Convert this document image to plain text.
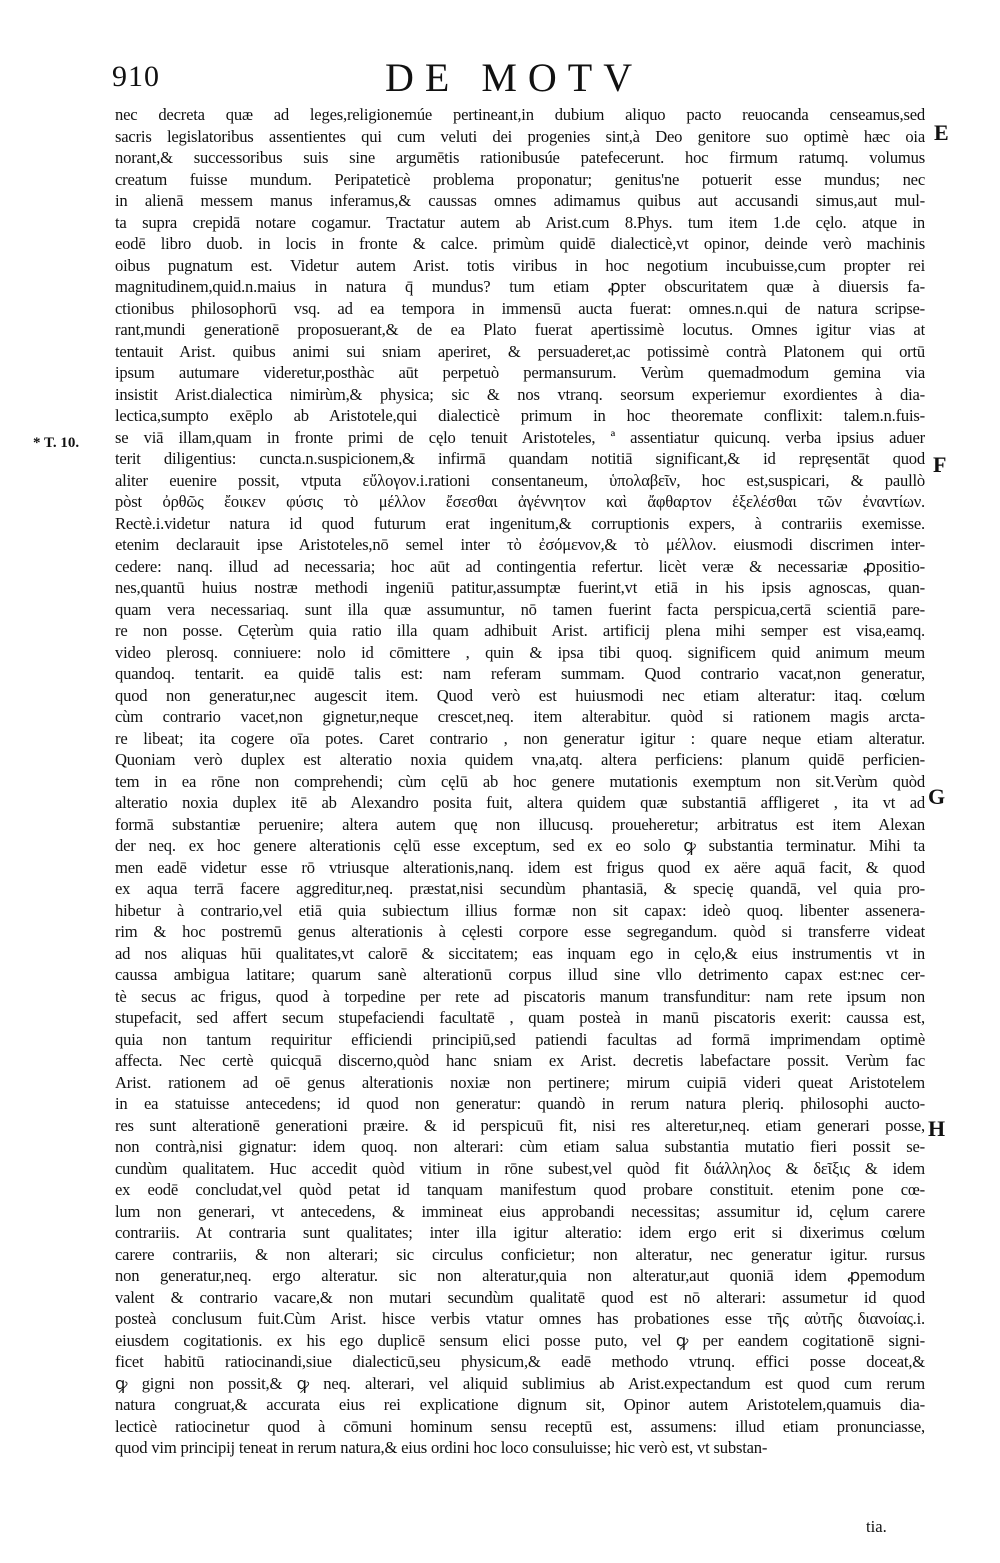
910	DE MOTV
* T. 10.
E
F
G
H
nec decreta quæ ad leges,religionemúe pertineant,in dubium aliquo pacto reuocanda censeamus,sed
sacris legislatoribus assentientes qui cum veluti dei progenies sint,à Deo genitore suo optimè hæc oia
norant,& successoribus suis sine argumētis rationibusúe patefecerunt. hoc firmum ratumq. volumus
creatum fuisse mundum. Peripateticè problema proponatur; genitus'ne potuerit esse mundus; nec
in alienā messem manus inferamus,& caussas omnes adimamus quibus aut accusandi simus,aut mul-
ta supra crepidā notare cogamur. Tractatur autem ab Arist.cum 8.Phys. tum item 1.de cęlo. atque in
eodē libro duob. in locis in fronte & calce. primùm quidē dialecticè,vt opinor, deinde verò machinis
oibus pugnatum est. Videtur autem Arist. totis viribus in hoc negotium incubuisse,cum propter rei
magnitudinem,quid.n.maius in natura q̄ mundus? tum etiam ꝓpter obscuritatem quæ à diuersis fa-
ctionibus philosophorū vsq. ad ea tempora in immensū aucta fuerat: omnes.n.qui de natura scripse-
rant,mundi generationē proposuerant,& de ea Plato fuerat apertissimè locutus. Omnes igitur vias at
tentauit Arist. quibus animi sui sniam aperiret, & persuaderet,ac potissimè contrà Platonem qui ortū
ipsum autumare videretur,posthàc aūt perpetuò permansurum. Verùm quemadmodum gemina via
insistit Arist.dialectica nimirùm,& physica; sic & nos vtranq. seorsum experiemur exordientes à dia-
lectica,sumpto exēplo ab Aristotele,qui dialecticè primum in hoc theoremate conflixit: talem.n.fuis-
se viā illam,quam in fronte primi de cęlo tenuit Aristoteles, ª assentiatur quicunq. verba ipsius aduer
terit diligentius: cuncta.n.suspicionem,& infirmā quandam notitiā significant,& id repręsentāt quod
aliter euenire possit, vtputa εὔλογον.i.rationi consentaneum, ὑπολαβεῖν, hoc est,suspicari, & paullò
pòst ὀρθῶς ἔοικεν φύσις τὸ μέλλον ἔσεσθαι ἀγέννητον καὶ ἄφθαρτον ἐξελέσθαι τῶν ἐναντίων.
Rectè.i.videtur natura id quod futurum erat ingenitum,& corruptionis expers, à contrariis exemisse.
etenim declarauit ipse Aristoteles,nō semel inter τὸ ἐσόμενον,& τὸ μέλλον. eiusmodi discrimen inter-
cedere: nanq. illud ad necessaria; hoc aūt ad contingentia refertur. licèt veræ & necessariæ ꝓpositio-
nes,quantū huius nostræ methodi ingeniū patitur,assumptæ fuerint,vt etiā in his ipsis agnoscas, quan-
quam vera necessariaq. sunt illa quæ assumuntur, nō tamen fuerint facta perspicua,certā scientiā pare-
re non posse. Cęterùm quia ratio illa quam adhibuit Arist. artificij plena mihi semper est visa,eamq.
video plerosq. conniuere: nolo id cōmittere , quin & ipsa tibi quoq. significem quid animum meum
quandoq. tentarit. ea quidē talis est: nam referam summam. Quod contrario vacat,non generatur,
quod non generatur,nec augescit item. Quod verò est huiusmodi nec etiam alteratur: itaq. cœlum
cùm contrario vacet,non gignetur,neque crescet,neq. item alterabitur. quòd si rationem magis arcta-
re libeat; ita cogere oīa potes. Caret contrario , non generatur igitur : quare neque etiam alteratur.
Quoniam verò duplex est alteratio noxia quidem vna,atq. altera perficiens: planum quidē perficien-
tem in ea rōne non comprehendi; cùm cęlū ab hoc genere mutationis exemptum non sit.Verùm quòd
alteratio noxia duplex itē ab Alexandro posita fuit, altera quidem quæ substantiā affligeret , ita vt ad
formā substantiæ peruenire; altera autem quę non illucusq. proueheretur; arbitratus est item Alexan
der neq. ex hoc genere alterationis cęlū esse exceptum, sed ex eo solo ꝙ substantia terminatur. Mihi ta
men eadē videtur esse rō vtriusque alterationis,nanq. idem est frigus quod ex aëre aquā facit, & quod
ex aqua terrā facere aggreditur,neq. præstat,nisi secundùm phantasiā, & specię quandā, vel quia pro-
hibetur à contrario,vel etiā quia subiectum illius formæ non sit capax: ideò quoq. libenter assenera-
rim & hoc postremū genus alterationis à cęlesti corpore esse segregandum. quòd si transferre videat
ad nos aliquas hūi qualitates,vt calorē & siccitatem; eas inquam ego in cęlo,& eius instrumentis vt in
caussa ambigua latitare; quarum sanè alterationū corpus illud sine vllo detrimento capax est:nec cer-
tè secus ac frigus, quod à torpedine per rete ad piscatoris manum transfunditur: nam rete ipsum non
stupefacit, sed affert secum stupefaciendi facultatē , quam posteà in manū piscatoris exerit: caussa est,
quia non tantum requiritur efficiendi principiū,sed patiendi facultas ad formā imprimendam optimè
affecta. Nec certè quicquā discerno,quòd hanc sniam ex Arist. decretis labefactare possit. Verùm fac
Arist. rationem ad oē genus alterationis noxiæ non pertinere; mirum cuipiā videri queat Aristotelem
in ea statuisse antecedens; id quod non generatur: quandò in rerum natura pleriq. philosophi aucto-
res sunt alterationē generationi præire. & id perspicuū fit, nisi res alteretur,neq. etiam generari posse,
non contrà,nisi gignatur: idem quoq. non alterari: cùm etiam salua substantia mutatio fieri possit se-
cundùm qualitatem. Huc accedit quòd vitium in rōne subest,vel quòd fit διάλληλος & δεῖξις & idem
ex eodē concludat,vel quòd petat id tanquam manifestum quod probare constituit. etenim pone cœ-
lum non generari, vt antecedens, & immineat eius approbandi necessitas; assumitur id, cęlum carere
contrariis. At contraria sunt qualitates; inter illa igitur alteratio: idem ergo erit si dixerimus cœlum
carere contrariis, & non alterari; sic circulus conficietur; non alteratur, nec generatur igitur. rursus
non generatur,neq. ergo alteratur. sic non alteratur,quia non alteratur,aut quoniā idem ꝓpemodum
valent & contrario vacare,& non mutari secundùm qualitatē quod est nō alterari: assumetur id quod
posteà conclusum fuit.Cùm Arist. hisce verbis vtatur omnes has probationes esse τῆς αὐτῆς διανοίας.i.
eiusdem cogitationis. ex his ego duplicē sensum elici posse puto, vel ꝙ per eandem cogitationē signi-
ficet habitū ratiocinandi,siue dialecticū,seu physicum,& eadē methodo vtrunq. effici posse doceat,&
ꝙ gigni non possit,& ꝙ neq. alterari, vel aliquid sublimius ab Arist.expectandum est quod cum rerum
natura congruat,& accurata eius rei explicatione dignum sit, Opinor autem Aristotelem,quamuis dia-
lecticè ratiocinetur quod à cōmuni hominum sensu receptū est, assumens: illud etiam pronunciasse,
quod vim principij teneat in rerum natura,& eius ordini hoc loco consuluisse; hic verò est, vt substan-
tia.
